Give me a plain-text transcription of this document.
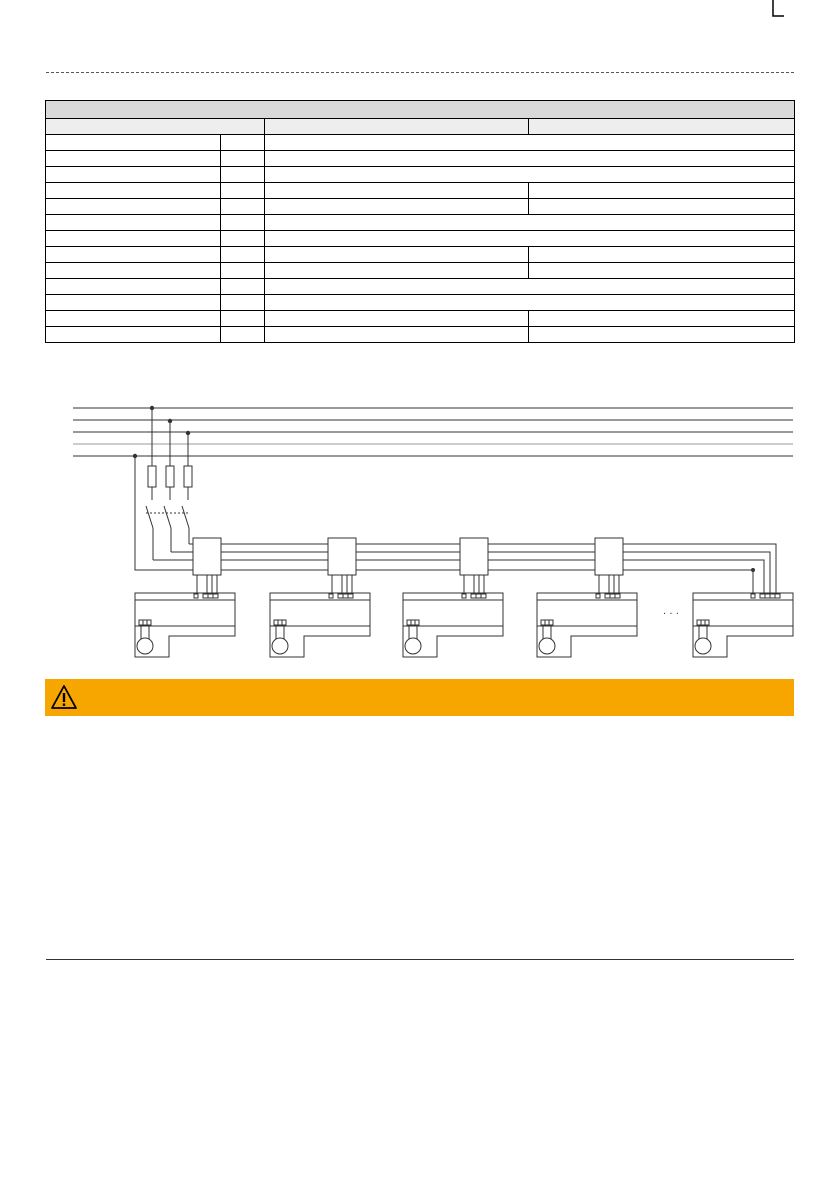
· · ·
